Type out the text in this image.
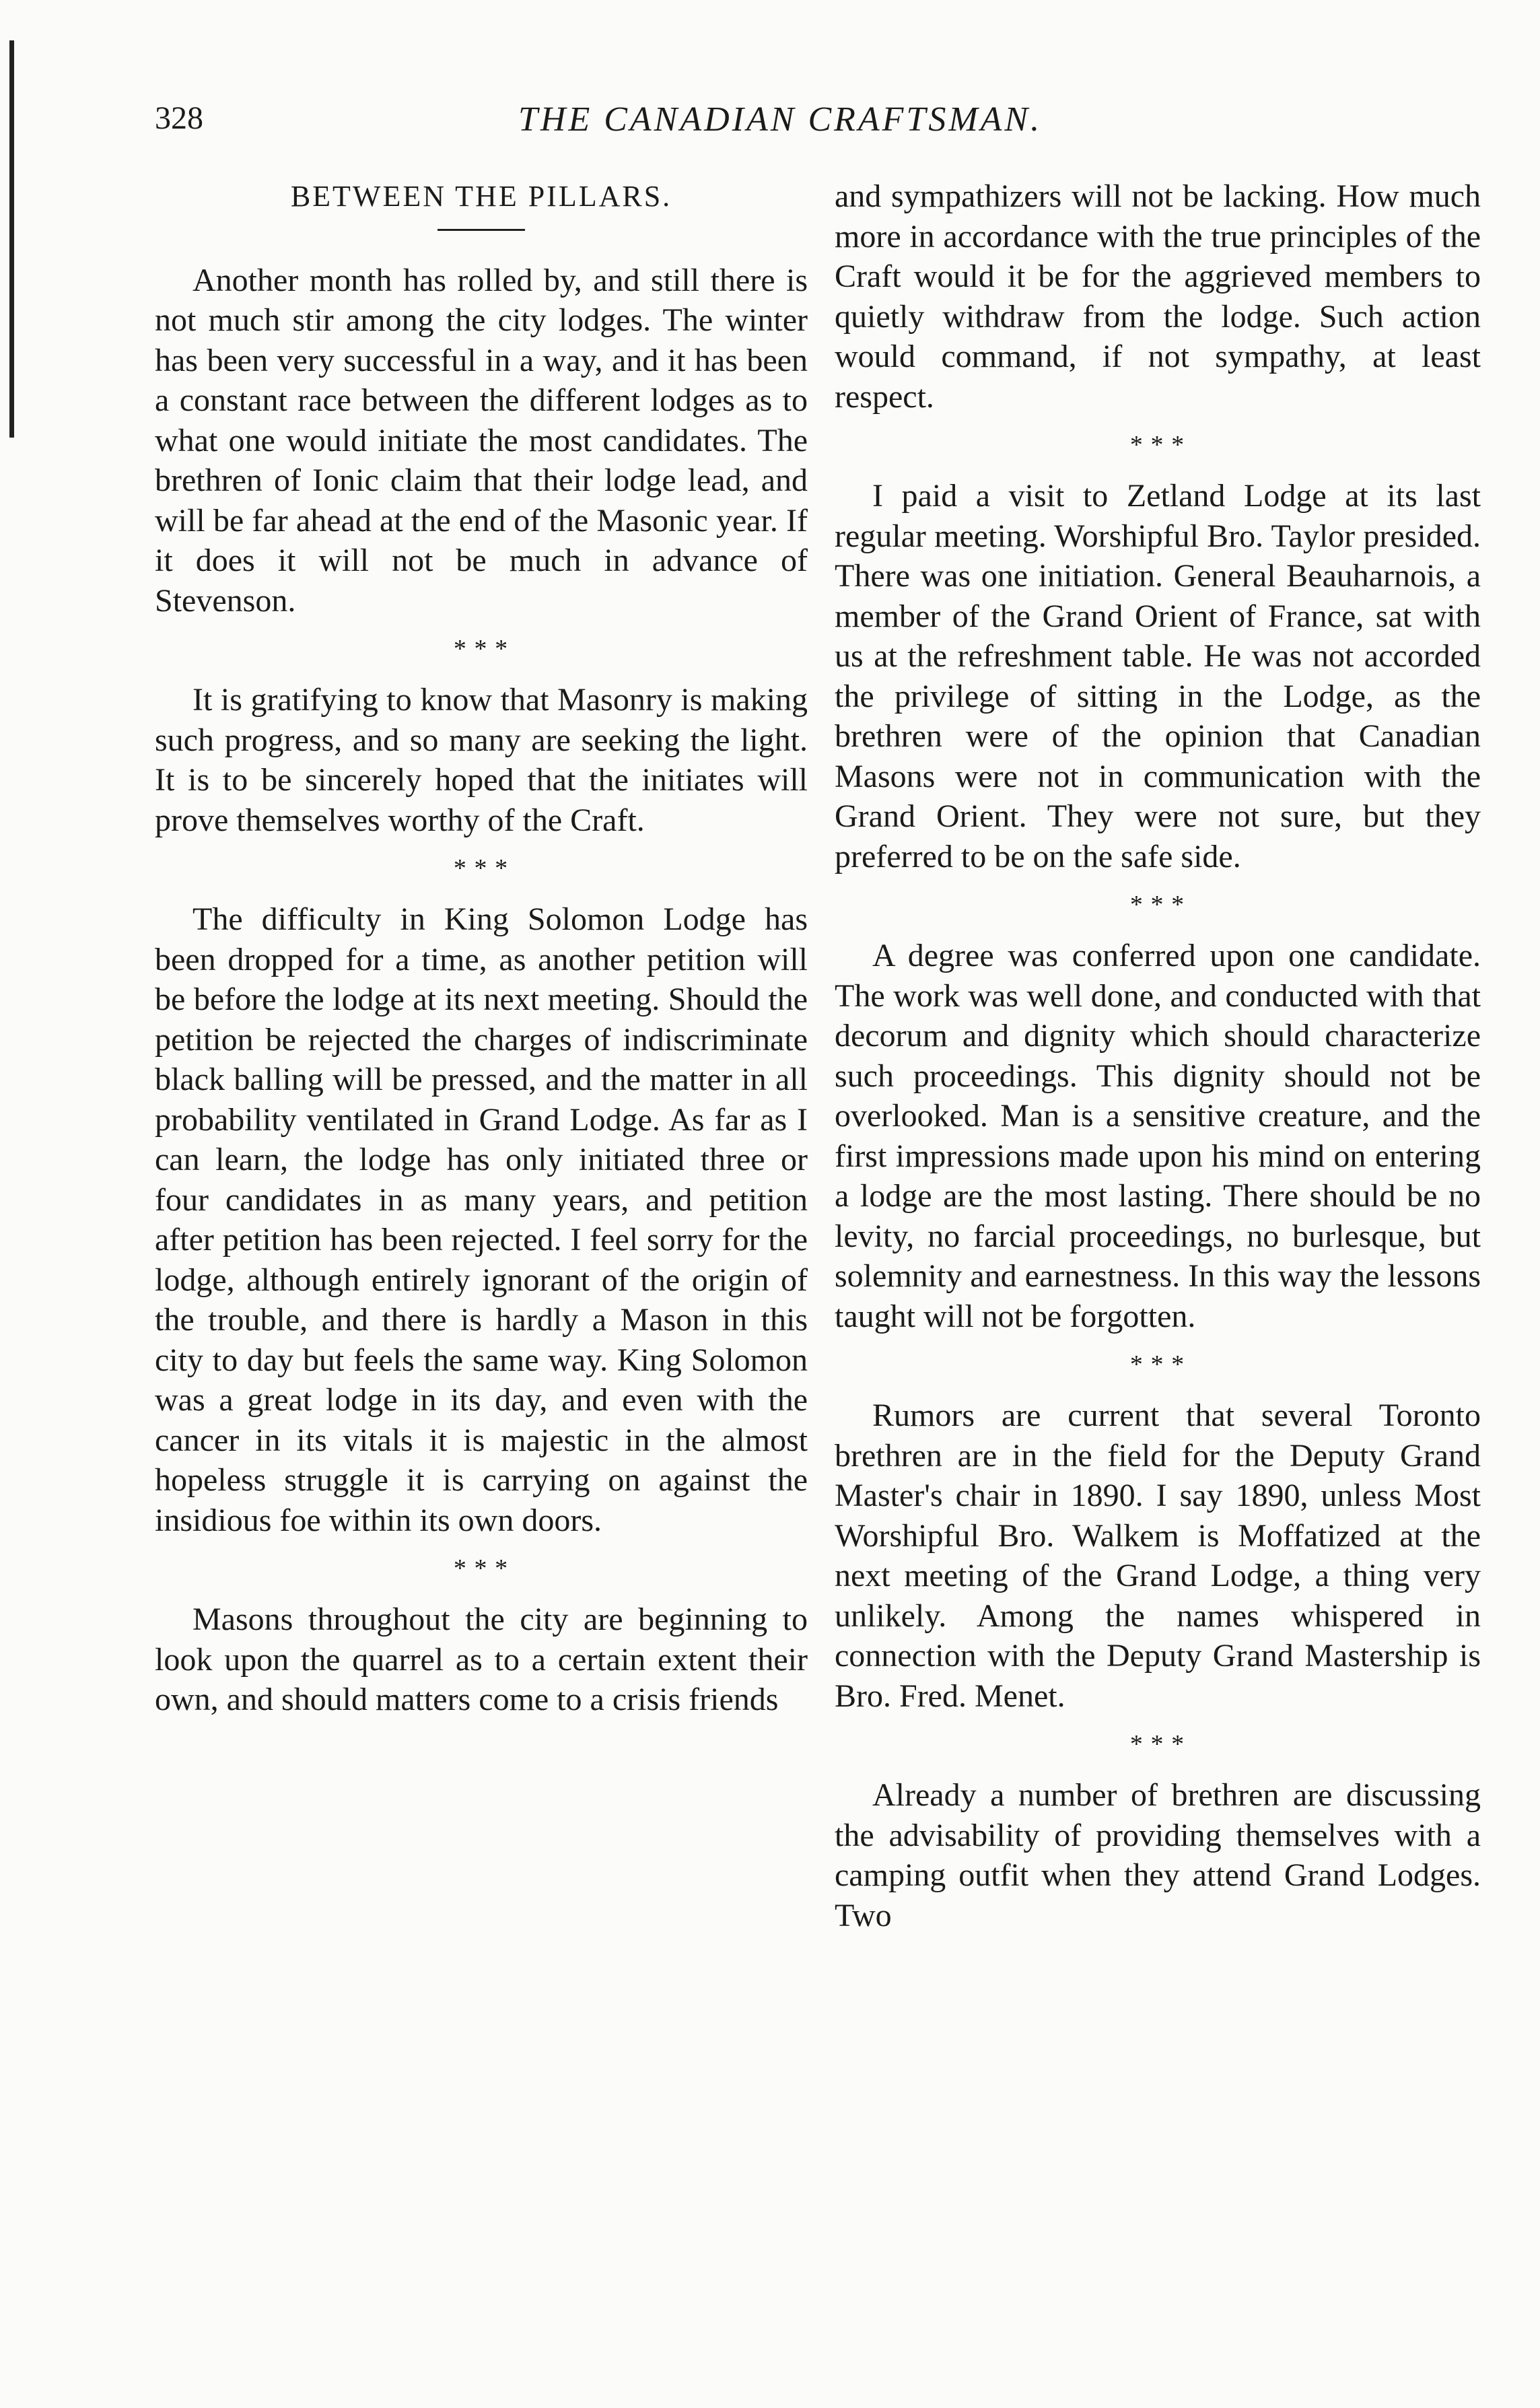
328	THE CANADIAN CRAFTSMAN.
BETWEEN THE PILLARS.

Another month has rolled by, and still there is not much stir among the city lodges. The winter has been very successful in a way, and it has been a constant race between the different lodges as to what one would initiate the most candidates. The brethren of Ionic claim that their lodge lead, and will be far ahead at the end of the Masonic year. If it does it will not be much in advance of Stevenson.

* * *

It is gratifying to know that Masonry is making such progress, and so many are seeking the light. It is to be sincerely hoped that the initiates will prove themselves worthy of the Craft.

* * *

The difficulty in King Solomon Lodge has been dropped for a time, as another petition will be before the lodge at its next meeting. Should the petition be rejected the charges of indiscriminate black balling will be pressed, and the matter in all probability ventilated in Grand Lodge. As far as I can learn, the lodge has only initiated three or four candidates in as many years, and petition after petition has been rejected. I feel sorry for the lodge, although entirely ignorant of the origin of the trouble, and there is hardly a Mason in this city to day but feels the same way. King Solomon was a great lodge in its day, and even with the cancer in its vitals it is majestic in the almost hopeless struggle it is carrying on against the insidious foe within its own doors.

* * *

Masons throughout the city are beginning to look upon the quarrel as to a certain extent their own, and should matters come to a crisis friends

and sympathizers will not be lacking. How much more in accordance with the true principles of the Craft would it be for the aggrieved members to quietly withdraw from the lodge. Such action would command, if not sympathy, at least respect.

* * *

I paid a visit to Zetland Lodge at its last regular meeting. Worshipful Bro. Taylor presided. There was one initiation. General Beauharnois, a member of the Grand Orient of France, sat with us at the refreshment table. He was not accorded the privilege of sitting in the Lodge, as the brethren were of the opinion that Canadian Masons were not in communication with the Grand Orient. They were not sure, but they preferred to be on the safe side.

* * *

A degree was conferred upon one candidate. The work was well done, and conducted with that decorum and dignity which should characterize such proceedings. This dignity should not be overlooked. Man is a sensitive creature, and the first impressions made upon his mind on entering a lodge are the most lasting. There should be no levity, no farcial proceedings, no burlesque, but solemnity and earnestness. In this way the lessons taught will not be forgotten.

* * *

Rumors are current that several Toronto brethren are in the field for the Deputy Grand Master's chair in 1890. I say 1890, unless Most Worshipful Bro. Walkem is Moffatized at the next meeting of the Grand Lodge, a thing very unlikely. Among the names whispered in connection with the Deputy Grand Mastership is Bro. Fred. Menet.

* * *

Already a number of brethren are discussing the advisability of providing themselves with a camping outfit when they attend Grand Lodges. Two
